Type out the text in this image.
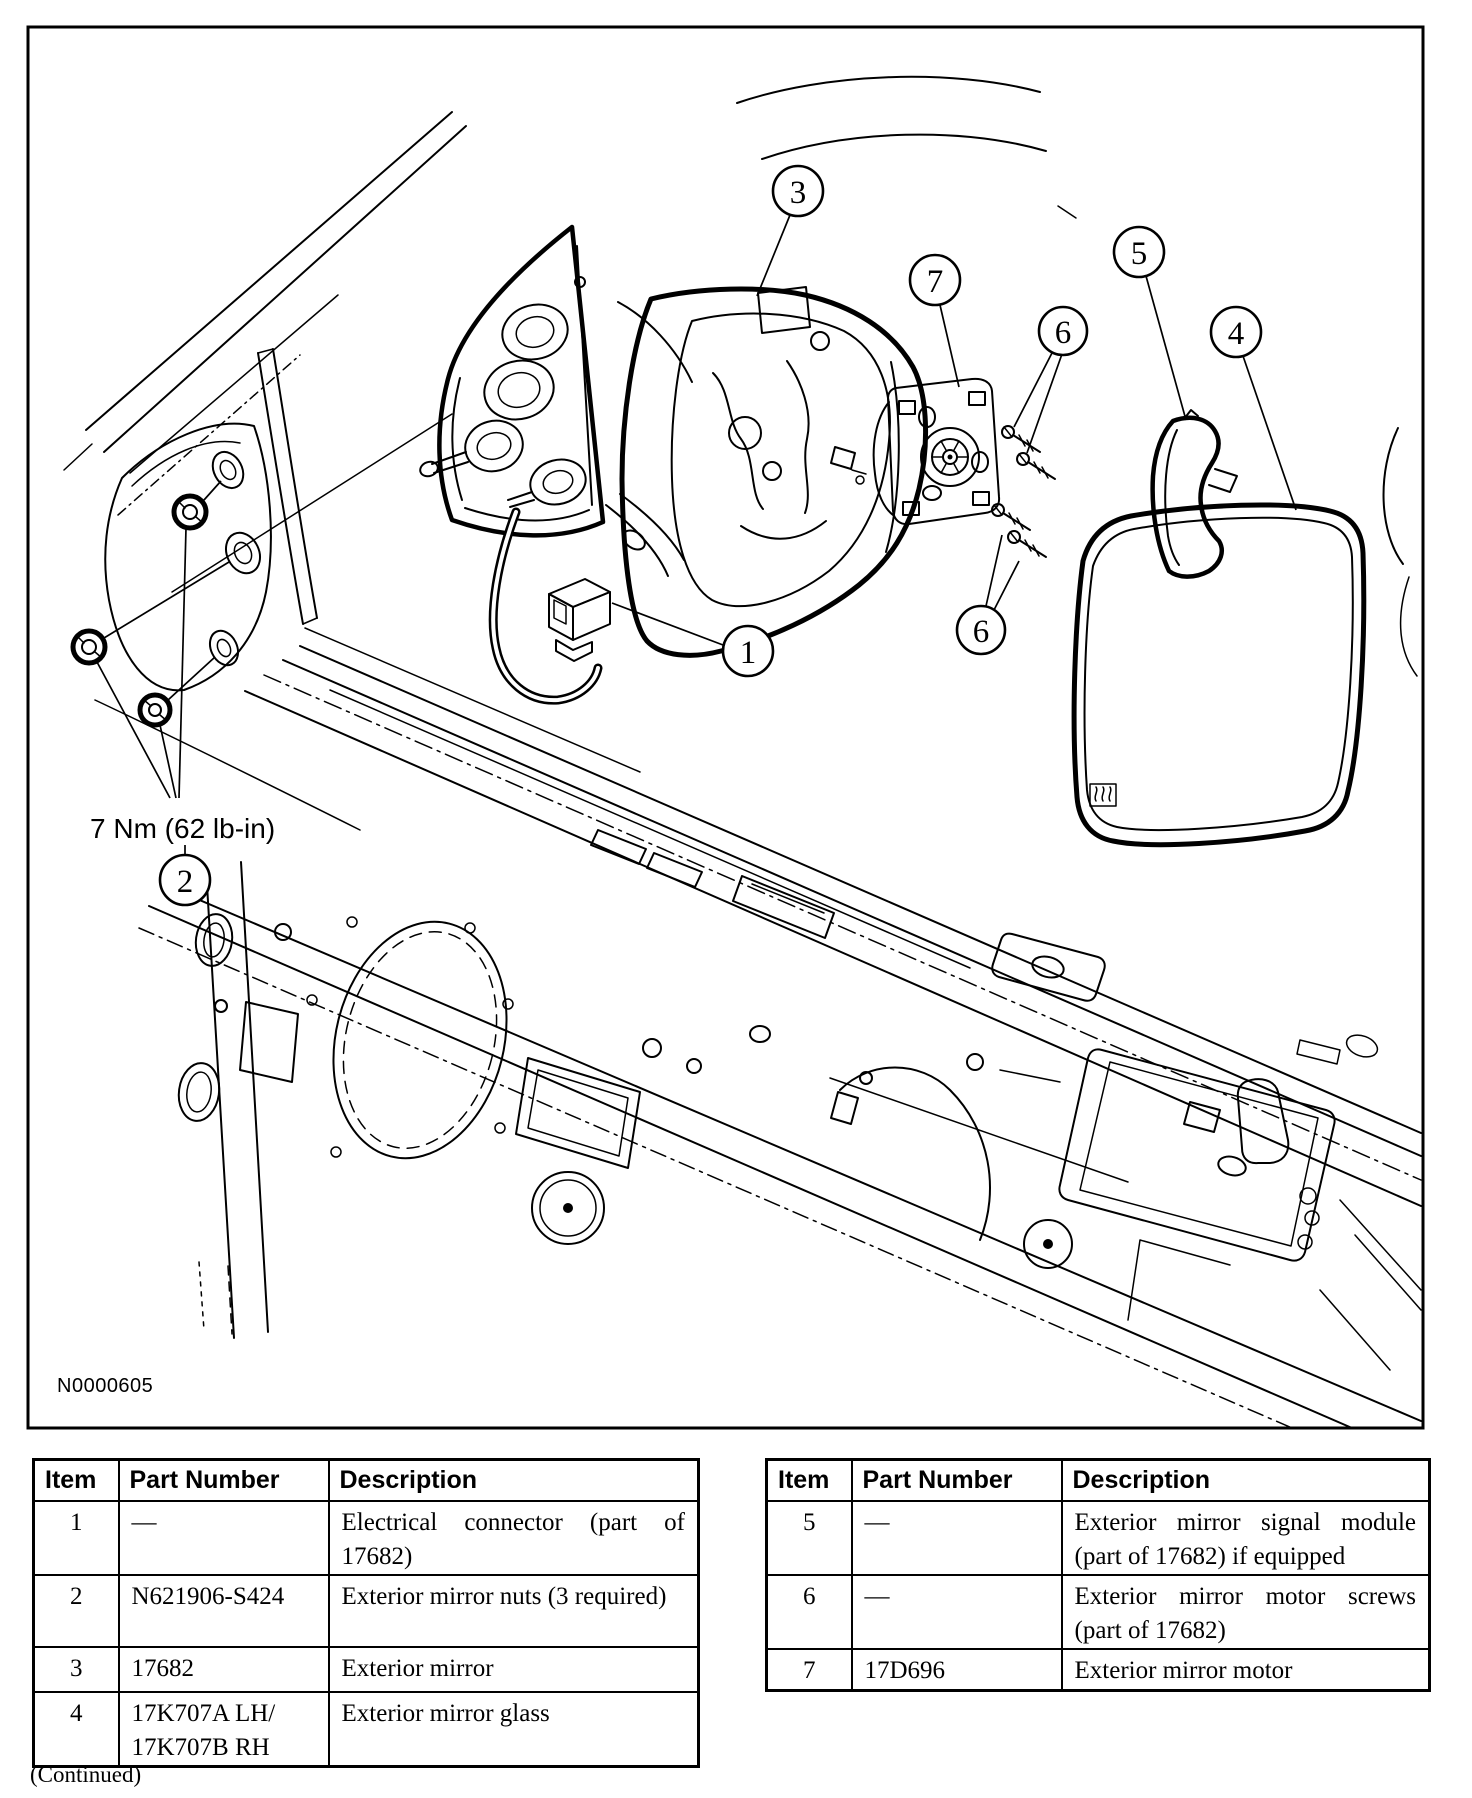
7 Nm (62 lb-in)
1
2
3
4
5
6
6
7
N0000605
Item	Part Number	Description
1	—	Electrical connector (part of 17682)
2	N621906-S424	Exterior mirror nuts (3 required)
3	17682	Exterior mirror
4	17K707A LH/ 17K707B RH	Exterior mirror glass
Item	Part Number	Description
5	—	Exterior mirror signal module (part of 17682) if equipped
6	—	Exterior mirror motor screws (part of 17682)
7	17D696	Exterior mirror motor
(Continued)
